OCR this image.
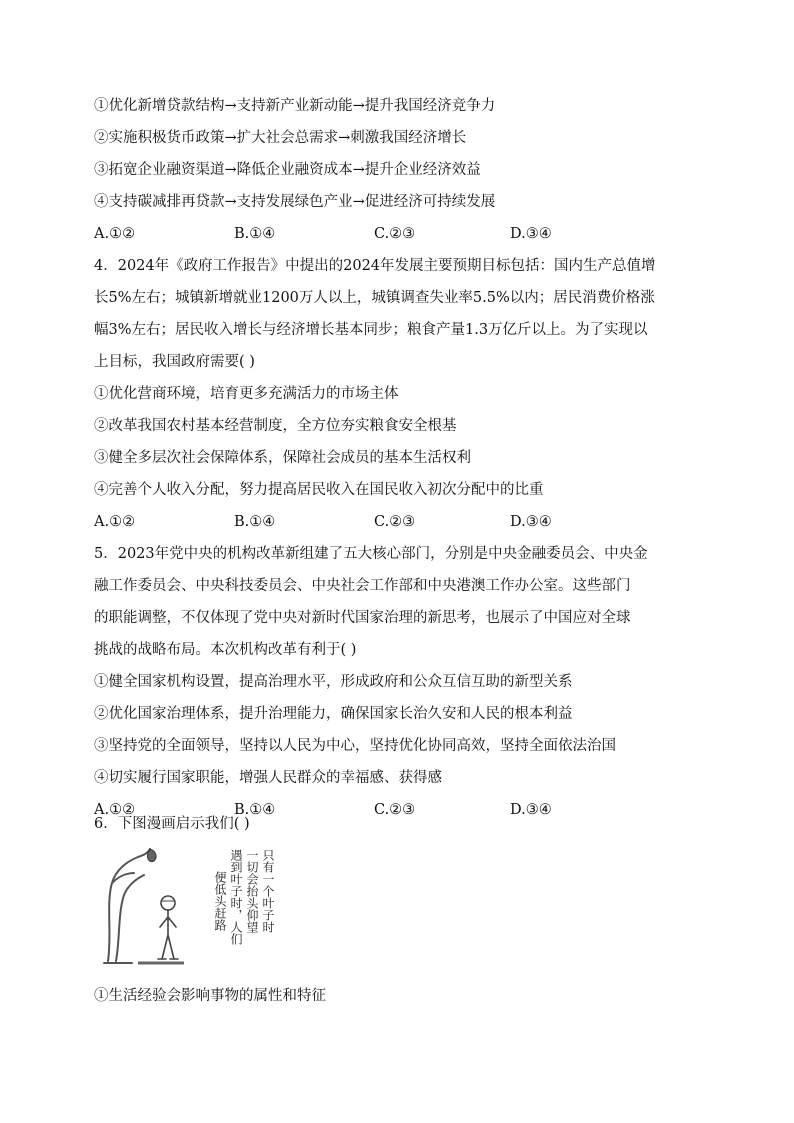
①优化新增贷款结构→支持新产业新动能→提升我国经济竞争力
②实施积极货币政策→扩大社会总需求→刺激我国经济增长
③拓宽企业融资渠道→降低企业融资成本→提升企业经济效益
④支持碳减排再贷款→支持发展绿色产业→促进经济可持续发展
A.①②	B.①④	C.②③	D.③④
4．2024年《政府工作报告》中提出的2024年发展主要预期目标包括：国内生产总值增
长5%左右；城镇新增就业1200万人以上，城镇调查失业率5.5%以内；居民消费价格涨
幅3%左右；居民收入增长与经济增长基本同步；粮食产量1.3万亿斤以上。为了实现以
上目标，我国政府需要( )
①优化营商环境，培育更多充满活力的市场主体
②改革我国农村基本经营制度，全方位夯实粮食安全根基
③健全多层次社会保障体系，保障社会成员的基本生活权利
④完善个人收入分配，努力提高居民收入在国民收入初次分配中的比重
A.①②	B.①④	C.②③	D.③④
5．2023年党中央的机构改革新组建了五大核心部门，分别是中央金融委员会、中央金
融工作委员会、中央科技委员会、中央社会工作部和中央港澳工作办公室。这些部门
的职能调整，不仅体现了党中央对新时代国家治理的新思考，也展示了中国应对全球
挑战的战略布局。本次机构改革有利于( )
①健全国家机构设置，提高治理水平，形成政府和公众互信互助的新型关系
②优化国家治理体系，提升治理能力，确保国家长治久安和人民的根本利益
③坚持党的全面领导，坚持以人民为中心，坚持优化协同高效，坚持全面依法治国
④切实履行国家职能，增强人民群众的幸福感、获得感
A.①②	B.①④	C.②③	D.③④
6．下图漫画启示我们( )
只有一个叶子时
一切会抬头仰望
遇到叶子时，人们
便低头赶路
①生活经验会影响事物的属性和特征
